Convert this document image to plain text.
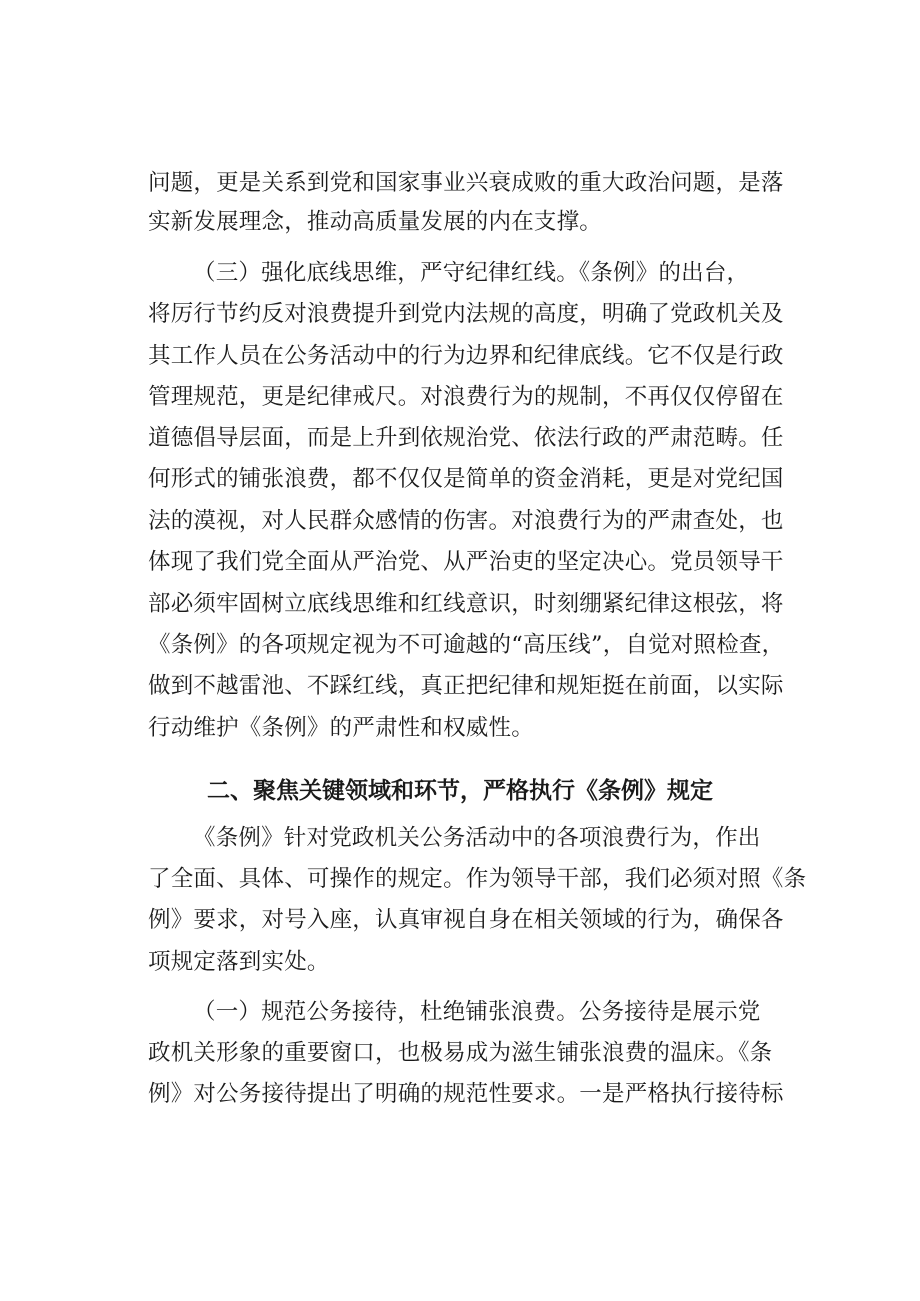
问题，更是关系到党和国家事业兴衰成败的重大政治问题，是落
实新发展理念，推动高质量发展的内在支撑。
（三）强化底线思维，严守纪律红线。《条例》的出台，
将厉行节约反对浪费提升到党内法规的高度，明确了党政机关及
其工作人员在公务活动中的行为边界和纪律底线。它不仅是行政
管理规范，更是纪律戒尺。对浪费行为的规制，不再仅仅停留在
道德倡导层面，而是上升到依规治党、依法行政的严肃范畴。任
何形式的铺张浪费，都不仅仅是简单的资金消耗，更是对党纪国
法的漠视，对人民群众感情的伤害。对浪费行为的严肃查处，也
体现了我们党全面从严治党、从严治吏的坚定决心。党员领导干
部必须牢固树立底线思维和红线意识，时刻绷紧纪律这根弦，将
《条例》的各项规定视为不可逾越的“高压线”，自觉对照检查，
做到不越雷池、不踩红线，真正把纪律和规矩挺在前面，以实际
行动维护《条例》的严肃性和权威性。
二、聚焦关键领域和环节，严格执行《条例》规定
《条例》针对党政机关公务活动中的各项浪费行为，作出
了全面、具体、可操作的规定。作为领导干部，我们必须对照《条
例》要求，对号入座，认真审视自身在相关领域的行为，确保各
项规定落到实处。
（一）规范公务接待，杜绝铺张浪费。公务接待是展示党
政机关形象的重要窗口，也极易成为滋生铺张浪费的温床。《条
例》对公务接待提出了明确的规范性要求。一是严格执行接待标
